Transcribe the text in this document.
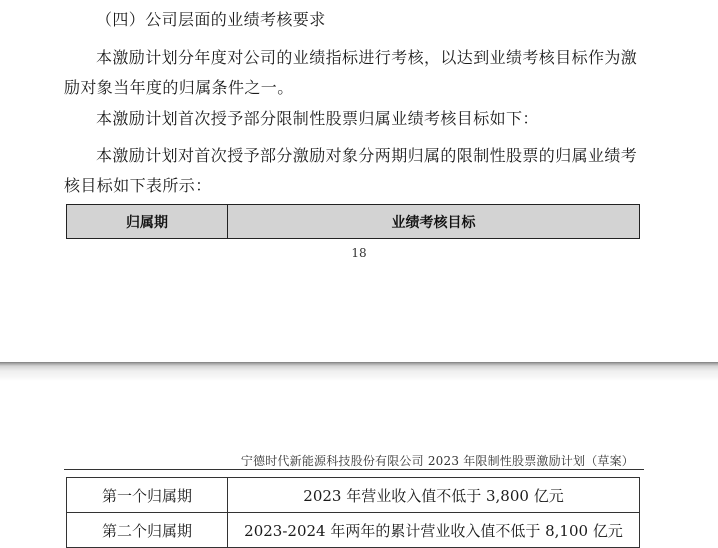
（四）公司层面的业绩考核要求

本激励计划分年度对公司的业绩指标进行考核，以达到业绩考核目标作为激励对象当年度的归属条件之一。

本激励计划首次授予部分限制性股票归属业绩考核目标如下：

本激励计划对首次授予部分激励对象分两期归属的限制性股票的归属业绩考核目标如下表所示：

归属期	业绩考核目标
18
宁德时代新能源科技股份有限公司 2023 年限制性股票激励计划（草案）
第一个归属期	2023 年营业收入值不低于 3,800 亿元
第二个归属期	2023-2024 年两年的累计营业收入值不低于 8,100 亿元
